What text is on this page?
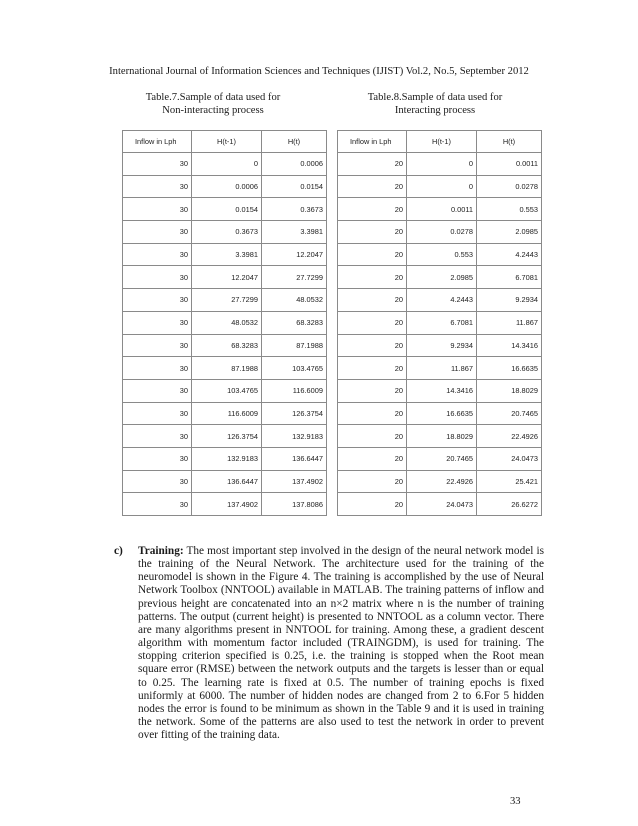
International Journal of Information Sciences and Techniques (IJIST) Vol.2, No.5, September 2012
Table.7.Sample of data used for
Non-interacting process
Table.8.Sample of data used for
Interacting process
Inflow in Lph	H(t-1)	H(t)
30	0	0.0006
30	0.0006	0.0154
30	0.0154	0.3673
30	0.3673	3.3981
30	3.3981	12.2047
30	12.2047	27.7299
30	27.7299	48.0532
30	48.0532	68.3283
30	68.3283	87.1988
30	87.1988	103.4765
30	103.4765	116.6009
30	116.6009	126.3754
30	126.3754	132.9183
30	132.9183	136.6447
30	136.6447	137.4902
30	137.4902	137.8086
Inflow in Lph	H(t-1)	H(t)
20	0	0.0011
20	0	0.0278
20	0.0011	0.553
20	0.0278	2.0985
20	0.553	4.2443
20	2.0985	6.7081
20	4.2443	9.2934
20	6.7081	11.867
20	9.2934	14.3416
20	11.867	16.6635
20	14.3416	18.8029
20	16.6635	20.7465
20	18.8029	22.4926
20	20.7465	24.0473
20	22.4926	25.421
20	24.0473	26.6272
c) Training: The most important step involved in the design of the neural network model is the training of the Neural Network. The architecture used for the training of the neuromodel is shown in the Figure 4. The training is accomplished by the use of Neural Network Toolbox (NNTOOL) available in MATLAB. The training patterns of inflow and previous height are concatenated into an n×2 matrix where n is the number of training patterns. The output (current height) is presented to NNTOOL as a column vector. There are many algorithms present in NNTOOL for training. Among these, a gradient descent algorithm with momentum factor included (TRAINGDM), is used for training. The stopping criterion specified is 0.25, i.e. the training is stopped when the Root mean square error (RMSE) between the network outputs and the targets is lesser than or equal to 0.25. The learning rate is fixed at 0.5. The number of training epochs is fixed uniformly at 6000. The number of hidden nodes are changed from 2 to 6.For 5 hidden nodes the error is found to be minimum as shown in the Table 9 and it is used in training the network. Some of the patterns are also used to test the network in order to prevent over fitting of the training data.

33
